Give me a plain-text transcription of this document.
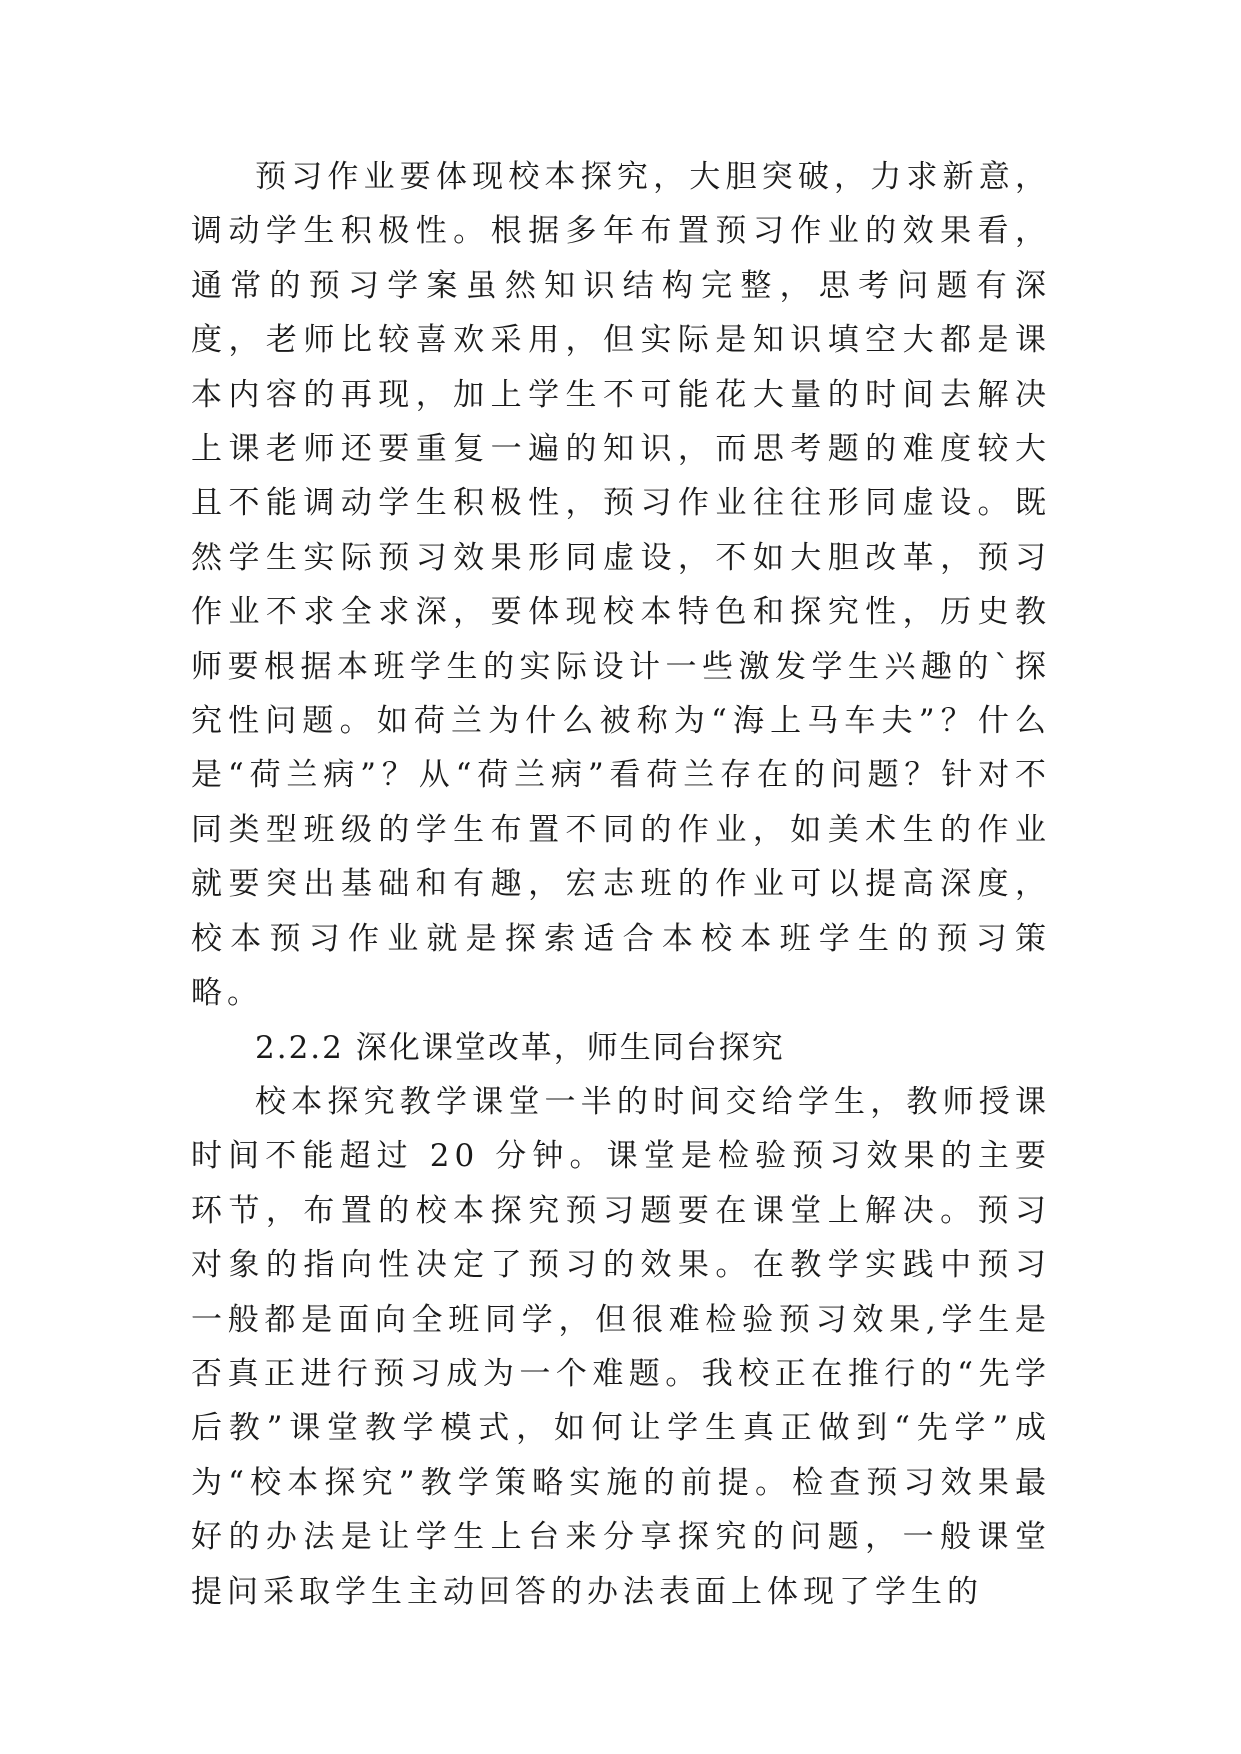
预习作业要体现校本探究，大胆突破，力求新意，调动学生积极性。根据多年布置预习作业的效果看，通常的预习学案虽然知识结构完整，思考问题有深度，老师比较喜欢采用，但实际是知识填空大都是课本内容的再现，加上学生不可能花大量的时间去解决上课老师还要重复一遍的知识，而思考题的难度较大且不能调动学生积极性，预习作业往往形同虚设。既然学生实际预习效果形同虚设，不如大胆改革，预习作业不求全求深，要体现校本特色和探究性，历史教师要根据本班学生的实际设计一些激发学生兴趣的`探究性问题。如荷兰为什么被称为“海上马车夫”？什么是“荷兰病”？从“荷兰病”看荷兰存在的问题？针对不同类型班级的学生布置不同的作业，如美术生的作业就要突出基础和有趣，宏志班的作业可以提高深度，校本预习作业就是探索适合本校本班学生的预习策略。

2.2.2 深化课堂改革，师生同台探究

校本探究教学课堂一半的时间交给学生，教师授课时间不能超过 20 分钟。课堂是检验预习效果的主要环节，布置的校本探究预习题要在课堂上解决。预习对象的指向性决定了预习的效果。在教学实践中预习一般都是面向全班同学，但很难检验预习效果,学生是否真正进行预习成为一个难题。我校正在推行的“先学后教”课堂教学模式，如何让学生真正做到“先学”成为“校本探究”教学策略实施的前提。检查预习效果最好的办法是让学生上台来分享探究的问题，一般课堂提问采取学生主动回答的办法表面上体现了学生的
